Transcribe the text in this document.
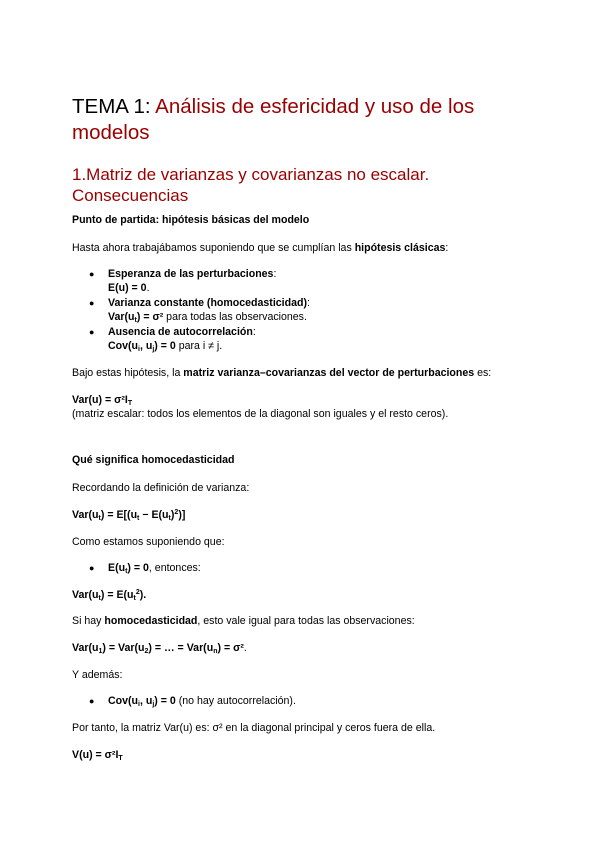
TEMA 1: Análisis de esfericidad y uso de los
modelos
1.Matriz de varianzas y covarianzas no escalar.
Consecuencias
Punto de partida: hipótesis básicas del modelo
Hasta ahora trabajábamos suponiendo que se cumplían las hipótesis clásicas:
● Esperanza de las perturbaciones:
E(u) = 0.
● Varianza constante (homocedasticidad):
$Var(u_t) = \sigma^2$ para todas las observaciones.
● Ausencia de autocorrelación:
$Cov(u_i$, $u_j) = 0$ para i ≠ j.
Bajo estas hipótesis, la matriz varianza–covarianzas del vector de perturbaciones es:
$Var(u) = \sigma^2I_T$
(matriz escalar: todos los elementos de la diagonal son iguales y el resto ceros).
Qué significa homocedasticidad
Recordando la definición de varianza:
$Var(u_t) = E[(u_t - E(u_t)^2)]$
Como estamos suponiendo que:
● $E(u_t) = 0$, entonces:
$Var(u_t) = E(u_t^2)$.
Si hay homocedasticidad, esto vale igual para todas las observaciones:
$Var(u_1) = Var(u_2)$ = … = $Var(u_n) = \sigma^2$.
Y además:
● $Cov(u_i$, $u_j) = 0$ (no hay autocorrelación).
Por tanto, la matriz Var(u) es: σ² en la diagonal principal y ceros fuera de ella.
$V(u) = \sigma^2I_T$
